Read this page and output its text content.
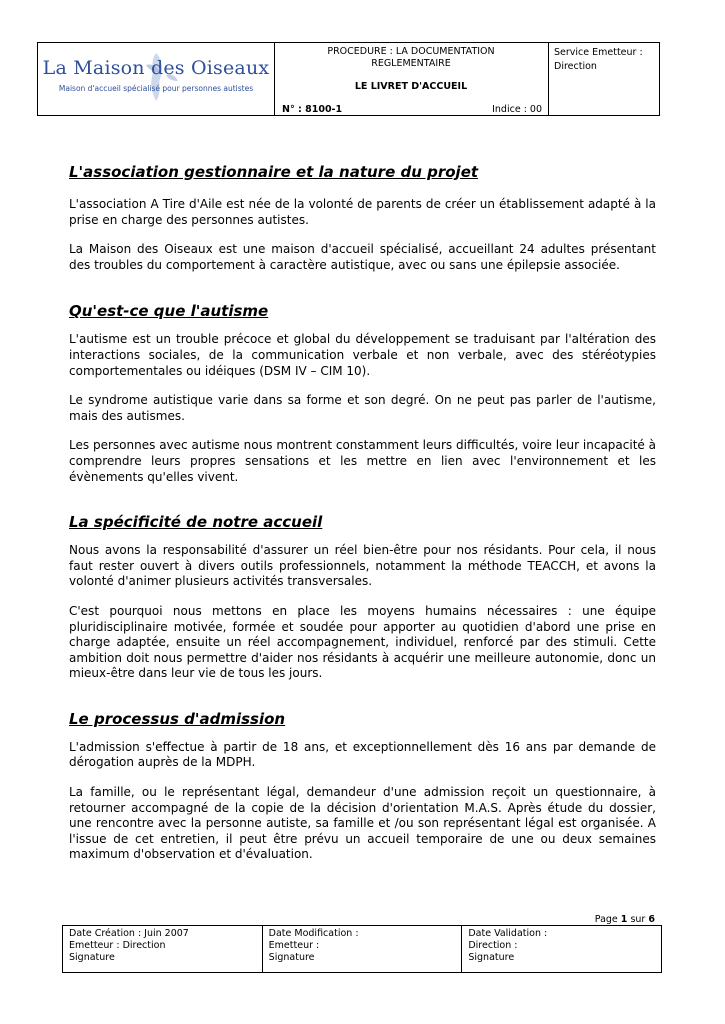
La Maison des Oiseaux
Maison d'accueil spécialisé pour personnes autistes
PROCEDURE : LA DOCUMENTATION
REGLEMENTAIRE
LE LIVRET D'ACCUEIL
N° : 8100-1	Indice : 00
Service Emetteur :
Direction
L'association gestionnaire et la nature du projet

L'association A Tire d'Aile est née de la volonté de parents de créer un établissement adapté à la prise en charge des personnes autistes.

La Maison des Oiseaux est une maison d'accueil spécialisé, accueillant 24 adultes présentant des troubles du comportement à caractère autistique, avec ou sans une épilepsie associée.

Qu'est-ce que l'autisme

L'autisme est un trouble précoce et global du développement se traduisant par l'altération des interactions sociales, de la communication verbale et non verbale, avec des stéréotypies comportementales ou idéiques (DSM IV – CIM 10).

Le syndrome autistique varie dans sa forme et son degré. On ne peut pas parler de l'autisme, mais des autismes.

Les personnes avec autisme nous montrent constamment leurs difficultés, voire leur incapacité à comprendre leurs propres sensations et les mettre en lien avec l'environnement et les évènements qu'elles vivent.

La spécificité de notre accueil

Nous avons la responsabilité d'assurer un réel bien-être pour nos résidants. Pour cela, il nous faut rester ouvert à divers outils professionnels, notamment la méthode TEACCH, et avons la volonté d'animer plusieurs activités transversales.

C'est pourquoi nous mettons en place les moyens humains nécessaires : une équipe pluridisciplinaire motivée, formée et soudée pour apporter au quotidien d'abord une prise en charge adaptée, ensuite un réel accompagnement, individuel, renforcé par des stimuli. Cette ambition doit nous permettre d'aider nos résidants à acquérir une meilleure autonomie, donc un mieux-être dans leur vie de tous les jours.

Le processus d'admission

L'admission s'effectue à partir de 18 ans, et exceptionnellement dès 16 ans par demande de dérogation auprès de la MDPH.

La famille, ou le représentant légal, demandeur d'une admission reçoit un questionnaire, à retourner accompagné de la copie de la décision d'orientation M.A.S. Après étude du dossier, une rencontre avec la personne autiste, sa famille et /ou son représentant légal est organisée. A l'issue de cet entretien, il peut être prévu un accueil temporaire de une ou deux semaines maximum d'observation et d'évaluation.

Page 1 sur 6
Date Création : Juin 2007
Emetteur : Direction
Signature
Date Modification :
Emetteur :
Signature
Date Validation :
Direction :
Signature
